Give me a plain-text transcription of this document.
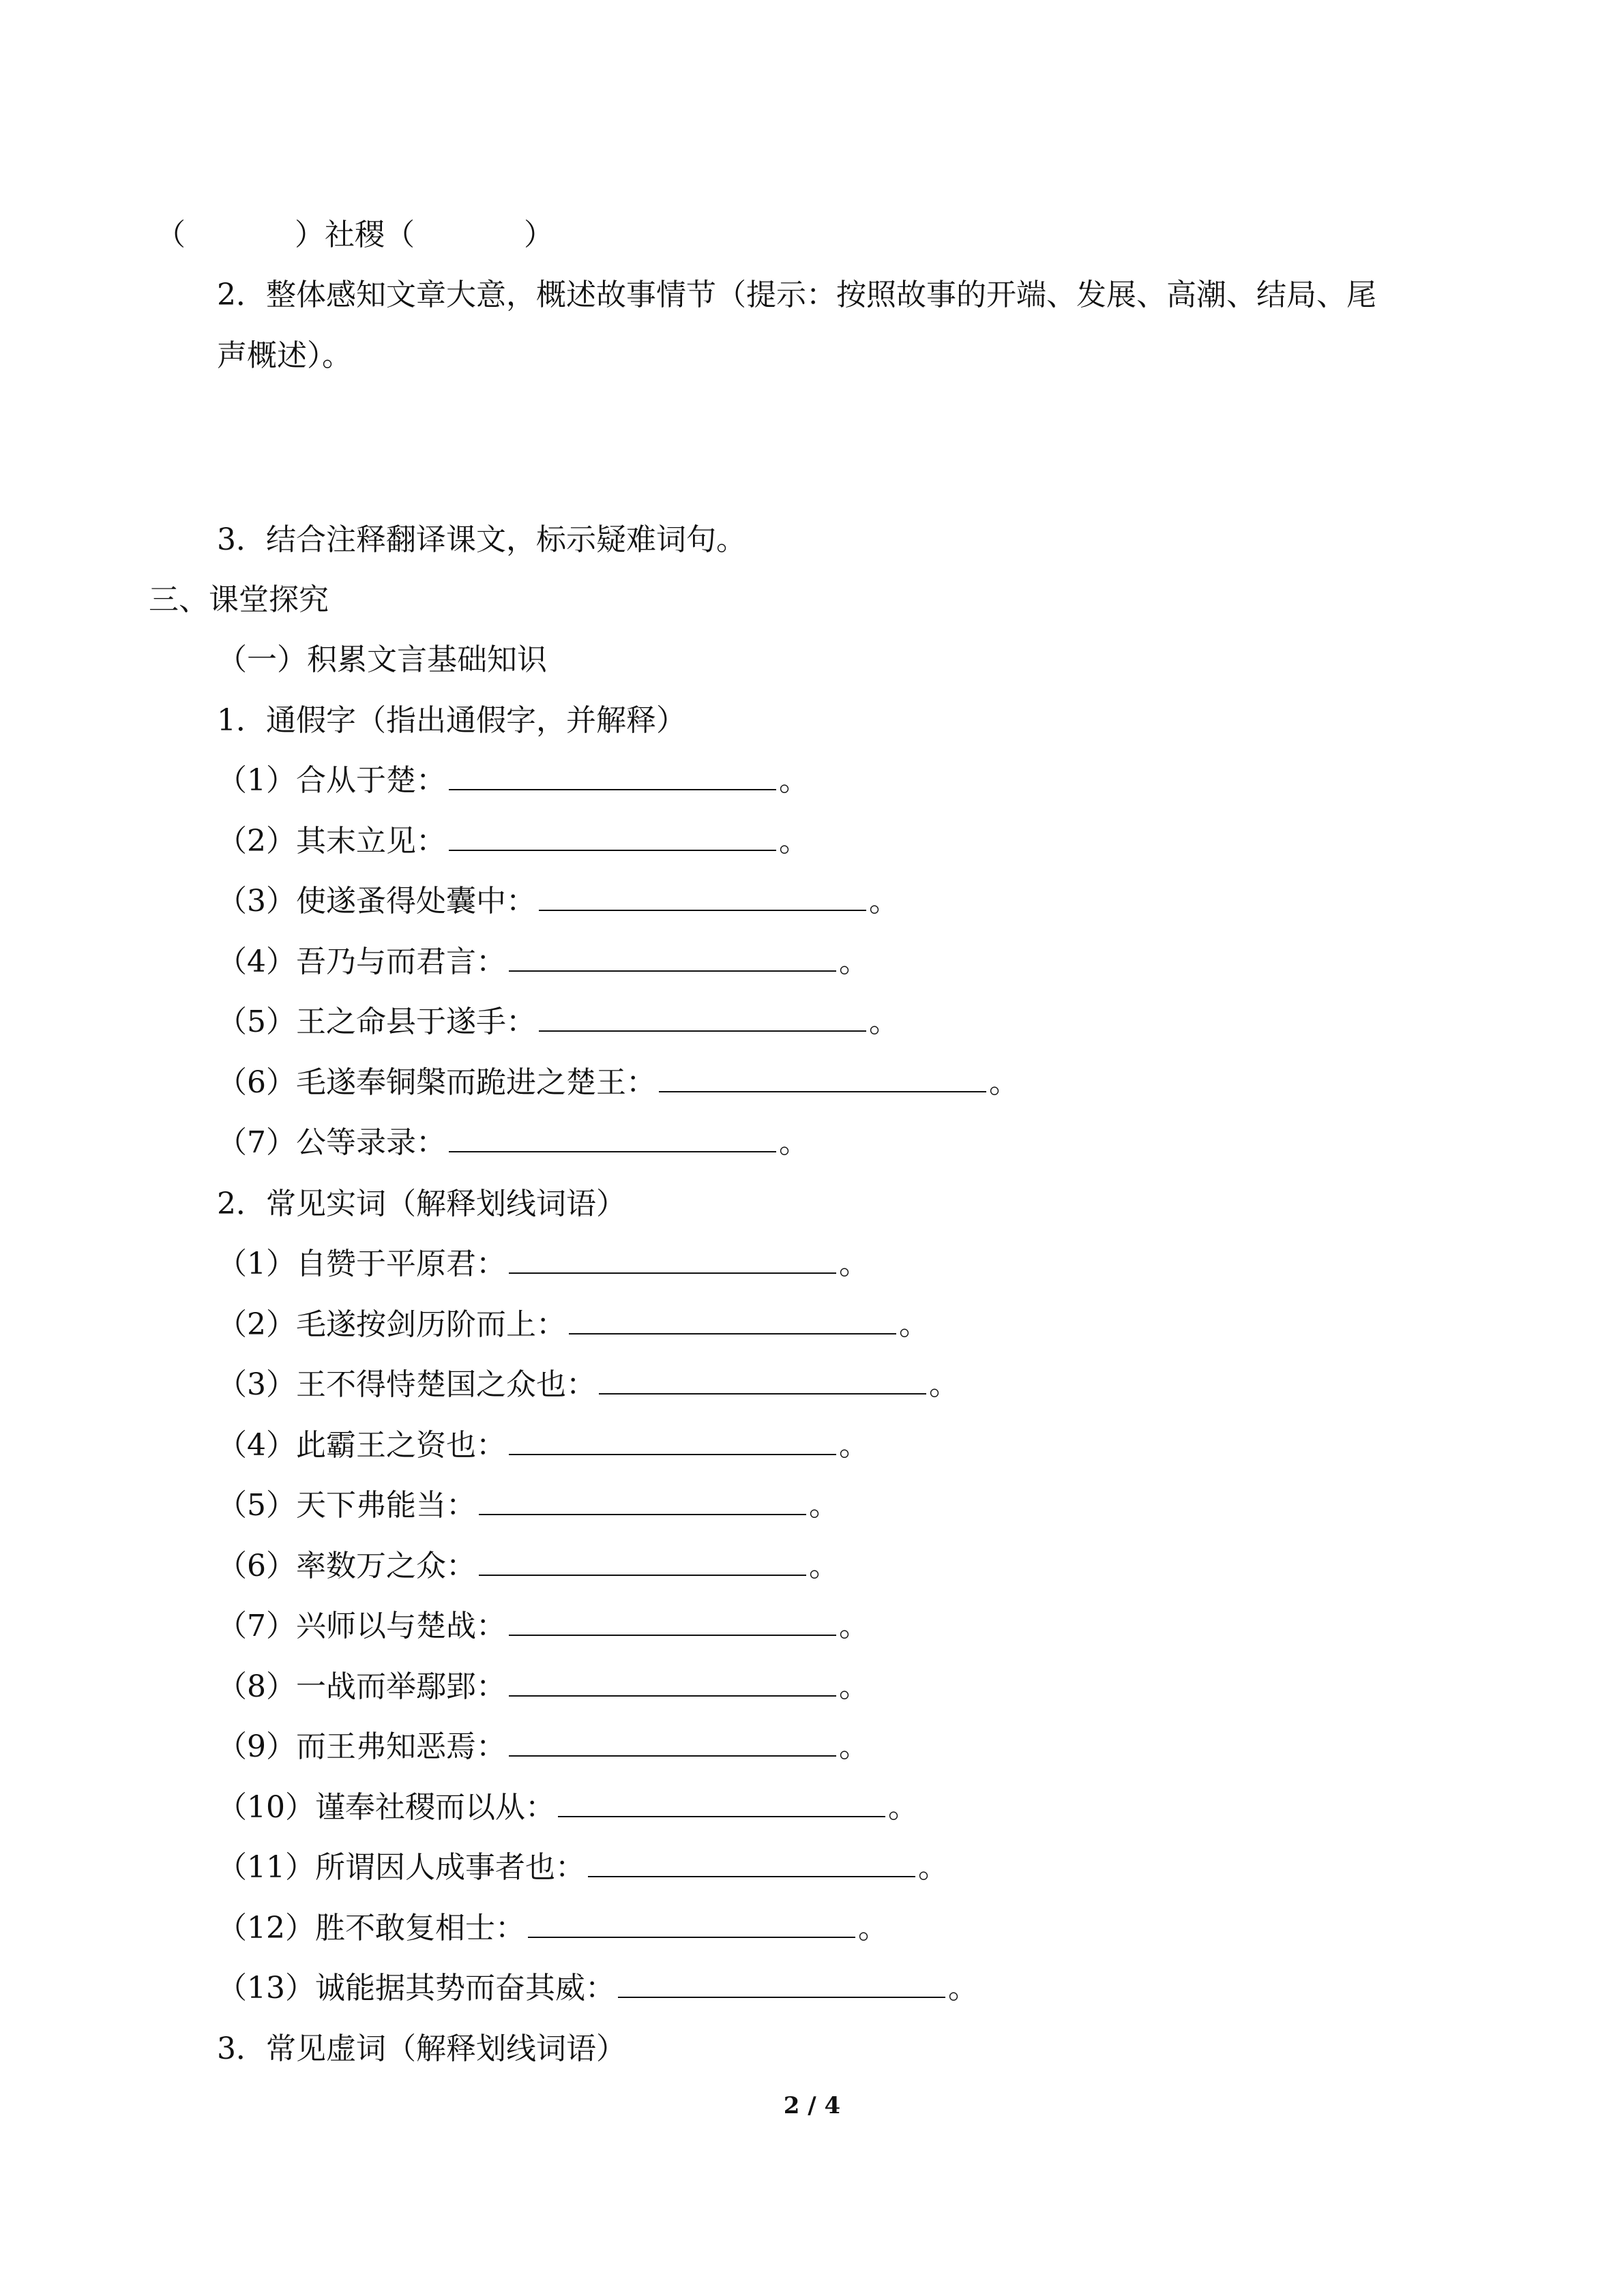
（	）社稷（	）
2．整体感知文章大意，概述故事情节（提示：按照故事的开端、发展、高潮、结局、尾
声概述）。
3．结合注释翻译课文，标示疑难词句。
三、课堂探究
（一）积累文言基础知识
1．通假字（指出通假字，并解释）
（1）合从于楚：	。
（2）其末立见：	。
（3）使遂蚤得处囊中：	。
（4）吾乃与而君言：	。
（5）王之命县于遂手：	。
（6）毛遂奉铜槃而跪进之楚王：	。
（7）公等录录：	。
2．常见实词（解释划线词语）
（1）自赞于平原君：	。
（2）毛遂按剑历阶而上：	。
（3）王不得恃楚国之众也：	。
（4）此霸王之资也：	。
（5）天下弗能当：	。
（6）率数万之众：	。
（7）兴师以与楚战：	。
（8）一战而举鄢郢：	。
（9）而王弗知恶焉：	。
（10）谨奉社稷而以从：	。
（11）所谓因人成事者也：	。
（12）胜不敢复相士：	。
（13）诚能据其势而奋其威：	。
3．常见虚词（解释划线词语）
2 / 4
